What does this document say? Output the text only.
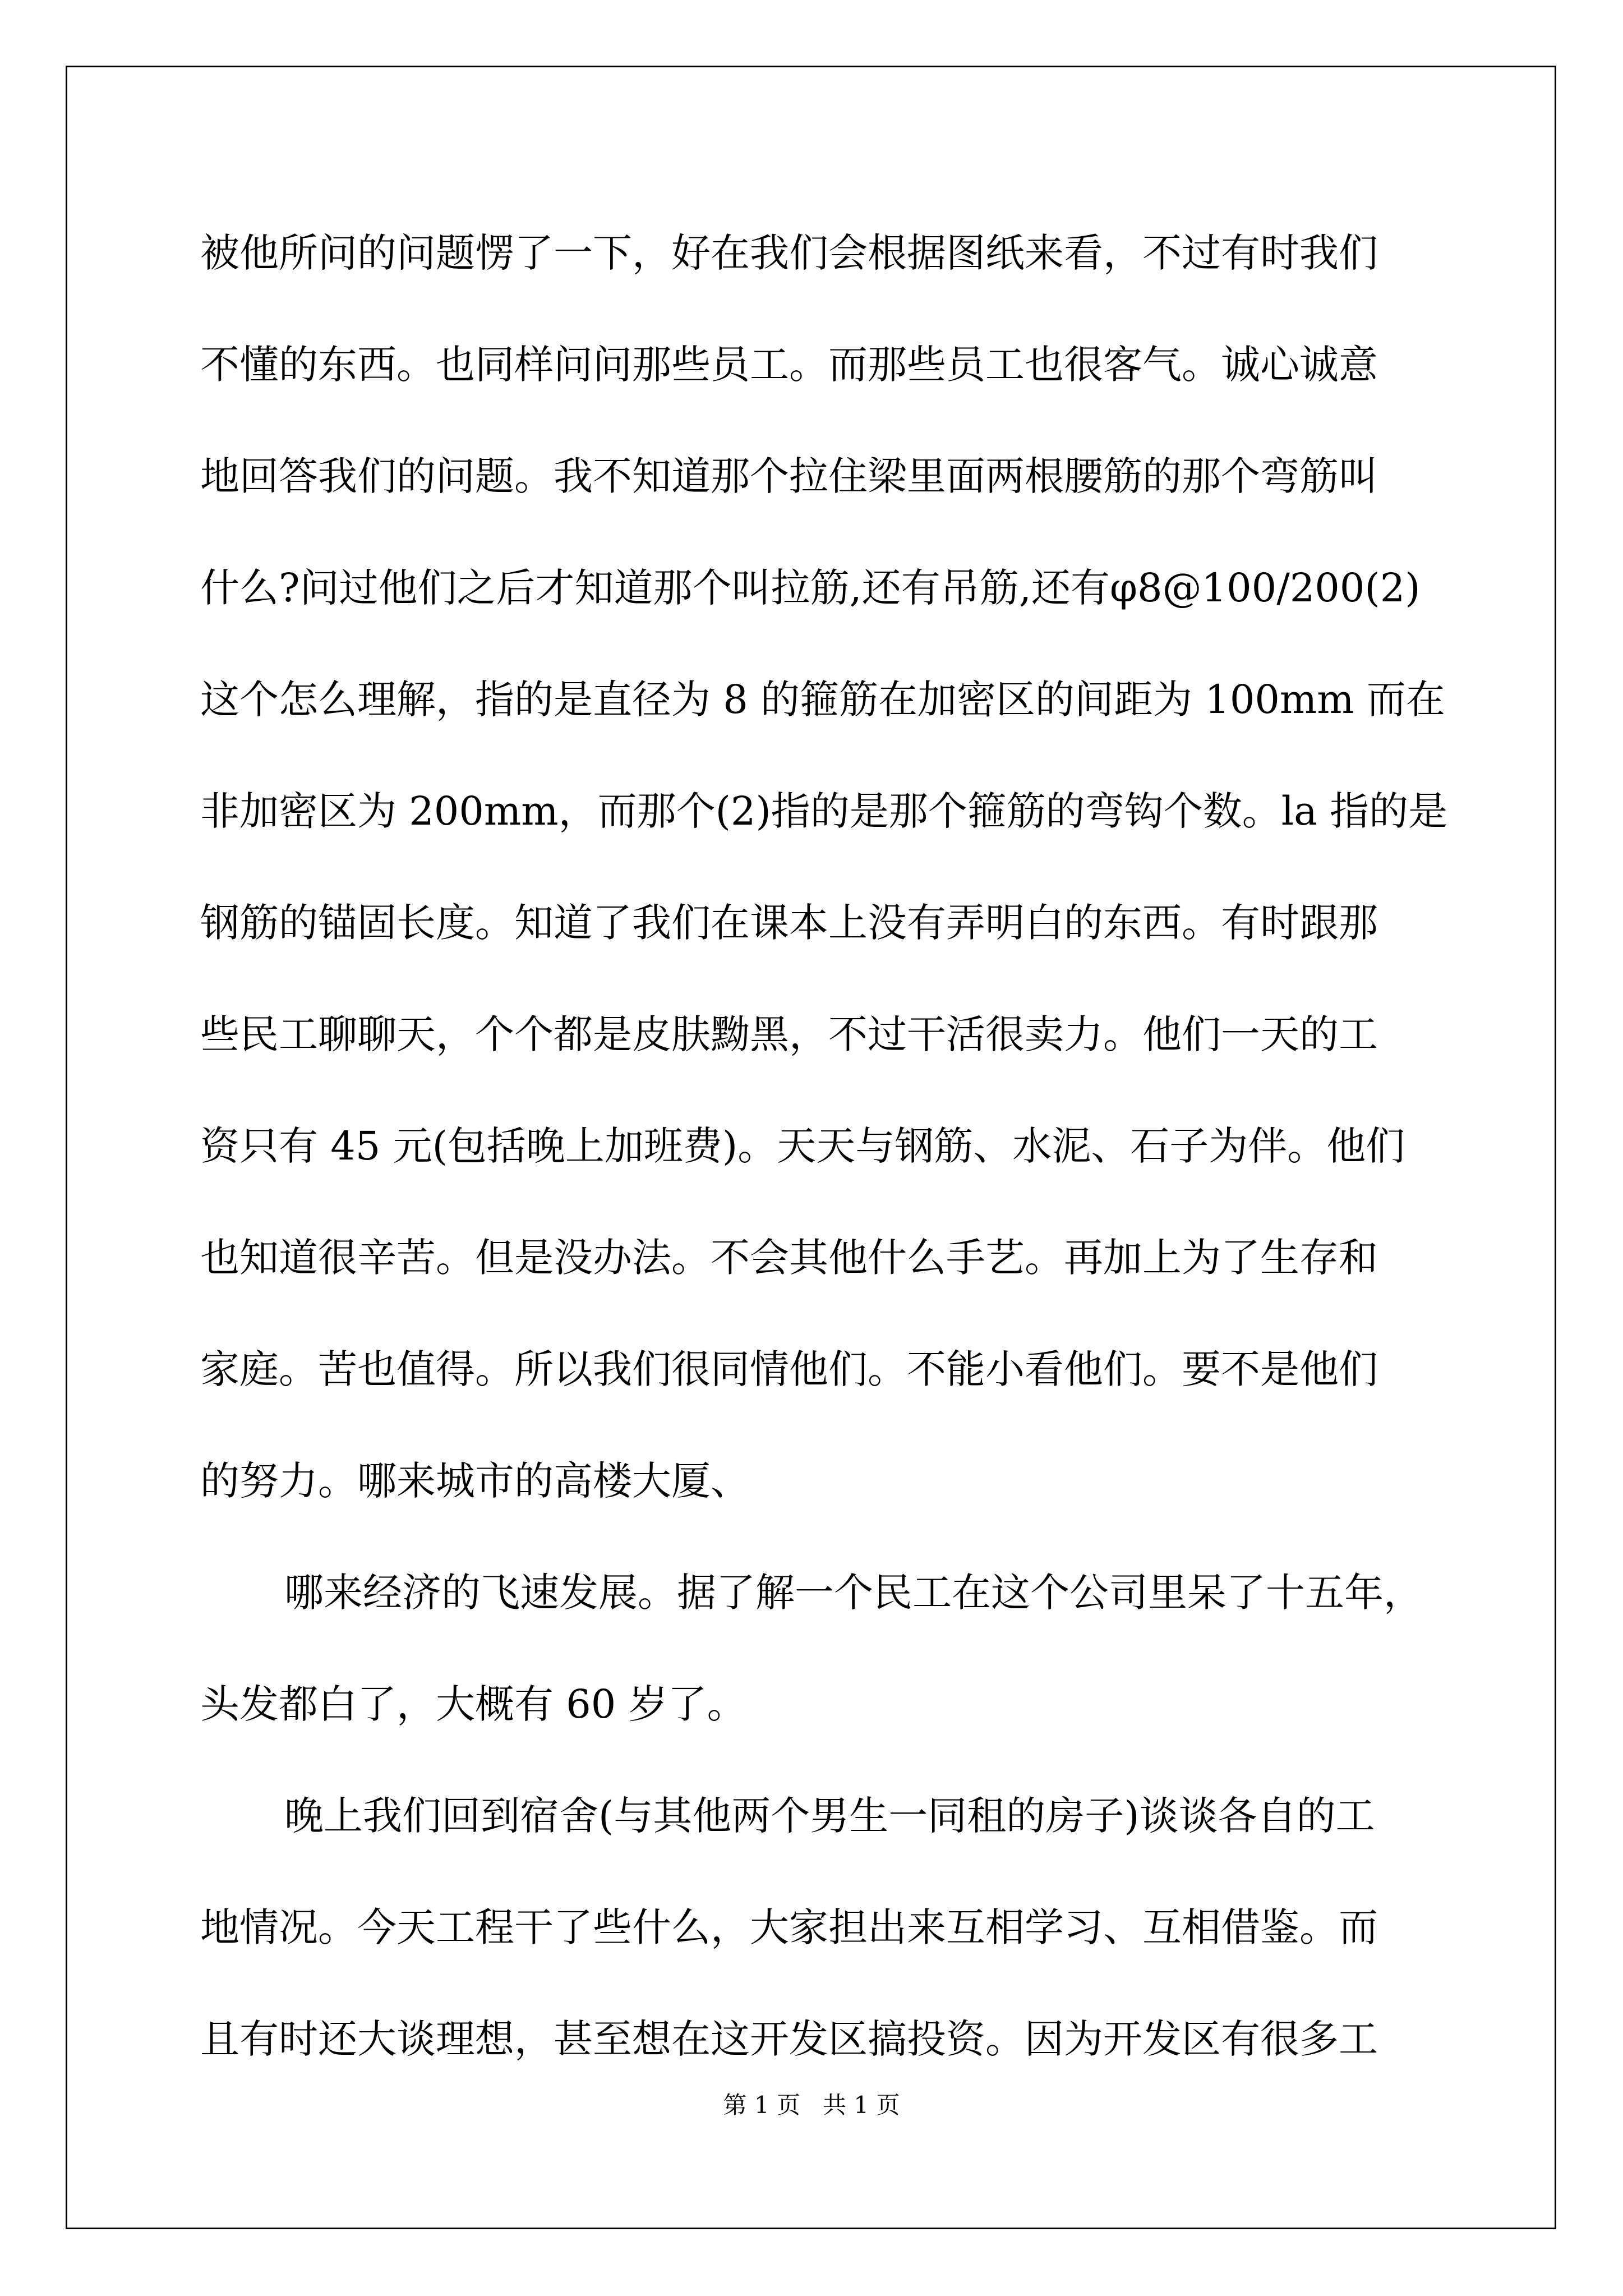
被他所问的问题愣了一下，好在我们会根据图纸来看，不过有时我们
不懂的东西。也同样问问那些员工。而那些员工也很客气。诚心诚意
地回答我们的问题。我不知道那个拉住梁里面两根腰筋的那个弯筋叫
什么?问过他们之后才知道那个叫拉筋,还有吊筋,还有φ8@100/200(2)
这个怎么理解，指的是直径为 8 的箍筋在加密区的间距为 100mm 而在
非加密区为 200mm，而那个(2)指的是那个箍筋的弯钩个数。la 指的是
钢筋的锚固长度。知道了我们在课本上没有弄明白的东西。有时跟那
些民工聊聊天，个个都是皮肤黝黑，不过干活很卖力。他们一天的工
资只有 45 元(包括晚上加班费)。天天与钢筋、水泥、石子为伴。他们
也知道很辛苦。但是没办法。不会其他什么手艺。再加上为了生存和
家庭。苦也值得。所以我们很同情他们。不能小看他们。要不是他们
的努力。哪来城市的高楼大厦、
哪来经济的飞速发展。据了解一个民工在这个公司里呆了十五年，
头发都白了，大概有 60 岁了。
晚上我们回到宿舍(与其他两个男生一同租的房子)谈谈各自的工
地情况。今天工程干了些什么，大家担出来互相学习、互相借鉴。而
且有时还大谈理想，甚至想在这开发区搞投资。因为开发区有很多工
第 1 页   共 1 页
